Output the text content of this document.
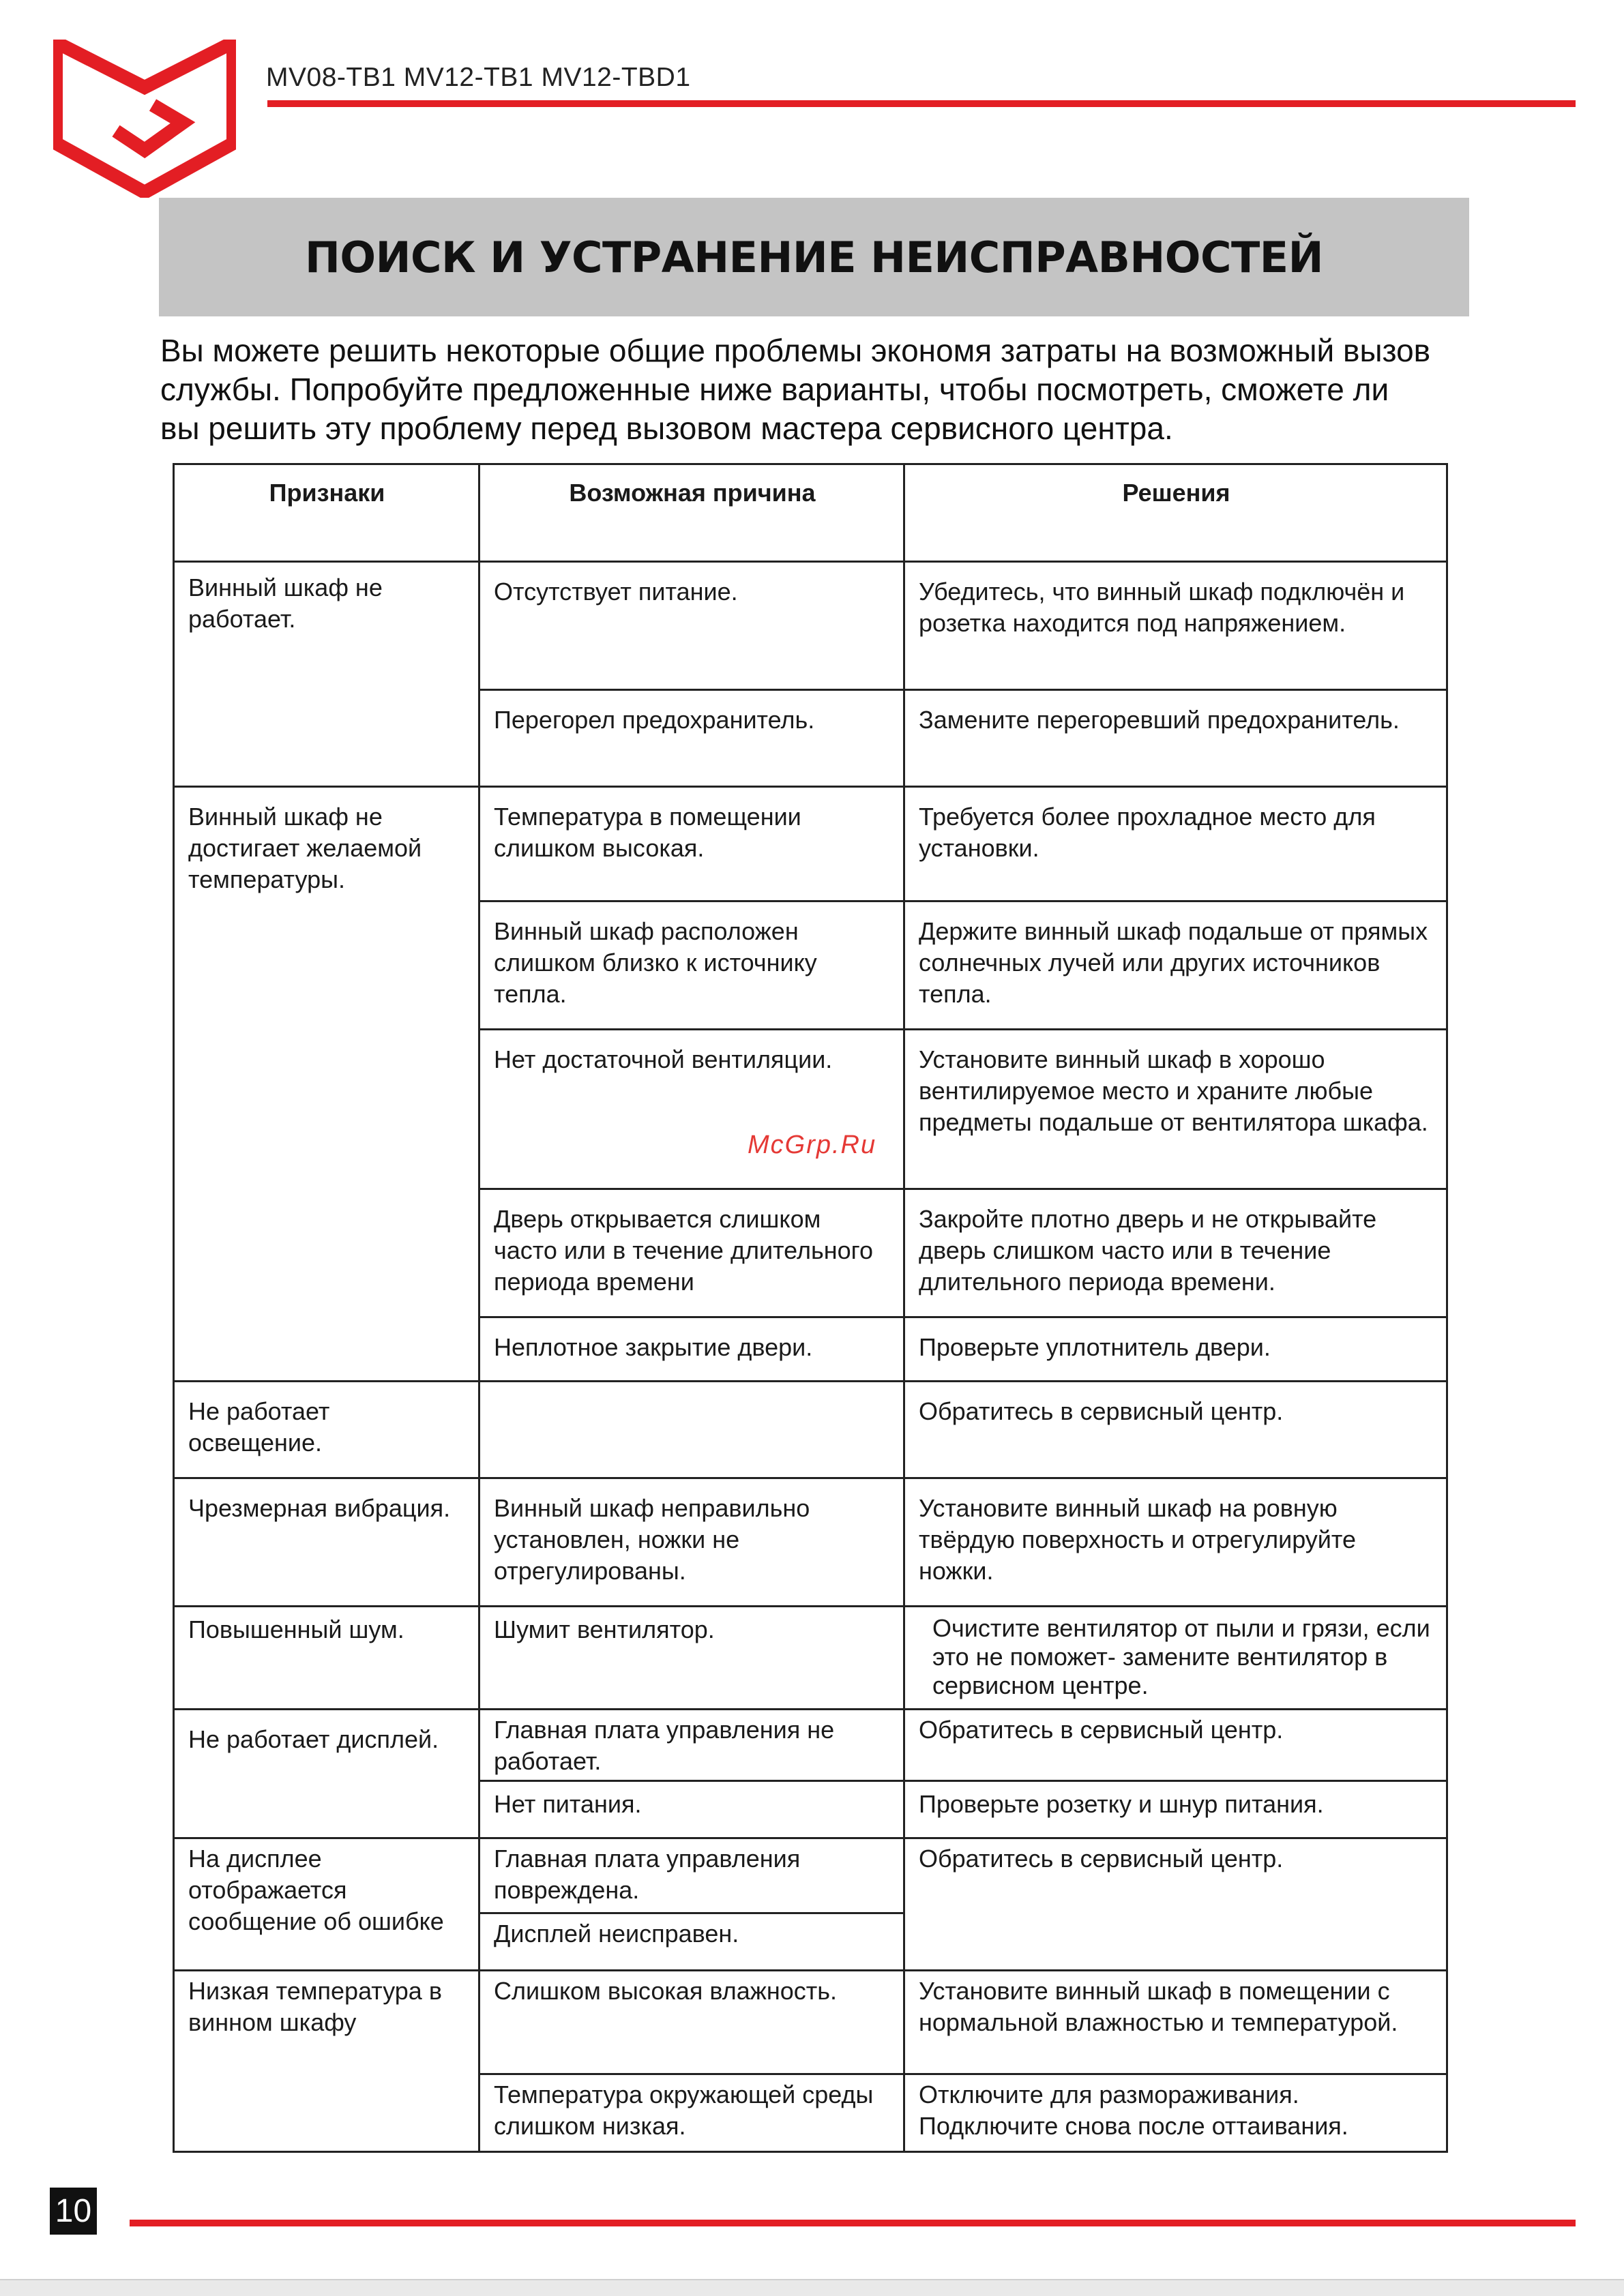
MV08-TB1 MV12-TB1 MV12-TBD1
ПОИСК И УСТРАНЕНИЕ НЕИСПРАВНОСТЕЙ
Вы можете решить некоторые общие проблемы экономя затраты на возможный вызов
службы. Попробуйте предложенные ниже варианты, чтобы посмотреть, сможете ли
вы решить эту проблему перед вызовом мастера сервисного центра.
Признаки	Возможная причина	Решения
Винный шкаф не работает.	Отсутствует питание.	Убедитесь, что винный шкаф подключён и розетка находится под напряжением.
	Перегорел предохранитель.	Замените перегоревший предохранитель.
Винный шкаф не достигает желаемой температуры.	Температура в помещении слишком высокая.	Требуется более прохладное место для установки.
	Винный шкаф расположен слишком близко к источнику тепла.	Держите винный шкаф подальше от прямых солнечных лучей или других источников тепла.
	Нет достаточной вентиляции.	Установите винный шкаф в хорошо вентилируемое место и храните любые предметы подальше от вентилятора шкафа.
	Дверь открывается слишком часто или в течение длительного периода времени	Закройте плотно дверь и не открывайте дверь слишком часто или в течение длительного периода времени.
	Неплотное закрытие двери.	Проверьте уплотнитель двери.
Не работает освещение.		Обратитесь в сервисный центр.
Чрезмерная вибрация.	Винный шкаф неправильно установлен, ножки не отрегулированы.	Установите винный шкаф на ровную твёрдую поверхность и отрегулируйте ножки.
Повышенный шум.	Шумит вентилятор.	Очистите вентилятор от пыли и грязи, если это не поможет- замените вентилятор в сервисном центре.
Не работает дисплей.	Главная плата управления не работает.	Обратитесь в сервисный центр.
	Нет питания.	Проверьте розетку и шнур питания.
На дисплее отображается сообщение об ошибке	Главная плата управления повреждена.	Обратитесь в сервисный центр.
	Дисплей неисправен.	
Низкая температура в винном шкафу	Слишком высокая влажность.	Установите винный шкаф в помещении с нормальной влажностью и температурой.
	Температура окружающей среды слишком низкая.	Отключите для размораживания. Подключите снова после оттаивания.
McGrp.Ru
10
